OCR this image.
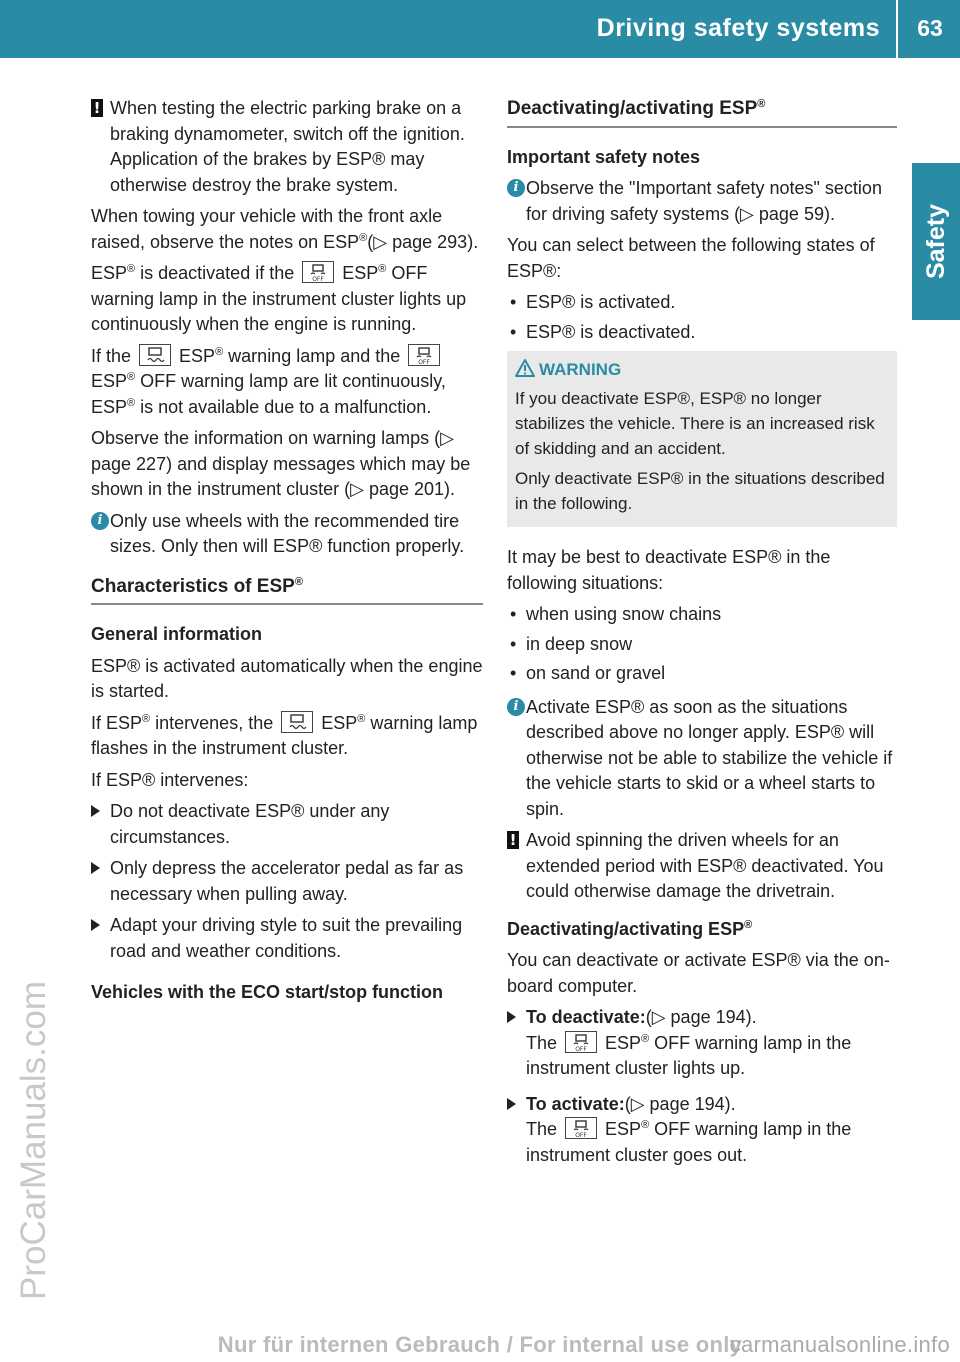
Driving safety systems	63
Safety
ProCarManuals.com
! When testing the electric parking brake on a braking dynamometer, switch off the ignition. Application of the brakes by ESP® may otherwise destroy the brake system.

When towing your vehicle with the front axle raised, observe the notes on ESP®(▷ page 293).

ESP® is deactivated if the OFF ESP® OFF warning lamp in the instrument cluster lights up continuously when the engine is running.

If the
ESP® warning lamp and the OFF
ESP® OFF warning lamp are lit continuously, ESP® is not available due to a malfunction.

Observe the information on warning lamps (▷ page 227) and display messages which may be shown in the instrument cluster (▷ page 201).

i Only use wheels with the recommended tire sizes. Only then will ESP® function properly.
Characteristics of ESP®
General information

ESP® is activated automatically when the engine is started.

If ESP® intervenes, the
ESP® warning lamp flashes in the instrument cluster.

If ESP® intervenes:

Do not deactivate ESP® under any circumstances.
Only depress the accelerator pedal as far as necessary when pulling away.
Adapt your driving style to suit the prevailing road and weather conditions.
Vehicles with the ECO start/stop function
Deactivating/activating ESP®
Important safety notes
i Observe the "Important safety notes" section for driving safety systems (▷ page 59).

You can select between the following states of ESP®:

• ESP® is activated.
• ESP® is deactivated.
WARNING

If you deactivate ESP®, ESP® no longer stabilizes the vehicle. There is an increased risk of skidding and an accident.

Only deactivate ESP® in the situations described in the following.

It may be best to deactivate ESP® in the following situations:

• when using snow chains
• in deep snow
• on sand or gravel
i Activate ESP® as soon as the situations described above no longer apply. ESP® will otherwise not be able to stabilize the vehicle if the vehicle starts to skid or a wheel starts to spin.
! Avoid spinning the driven wheels for an extended period with ESP® deactivated. You could otherwise damage the drivetrain.
Deactivating/activating ESP®

You can deactivate or activate ESP® via the on-board computer.

To deactivate:(▷ page 194).
The OFF ESP® OFF warning lamp in the instrument cluster lights up.
To activate:(▷ page 194).
The OFF ESP® OFF warning lamp in the instrument cluster goes out.
Nur für internen Gebrauch / For internal use only
carmanualsonline.info
